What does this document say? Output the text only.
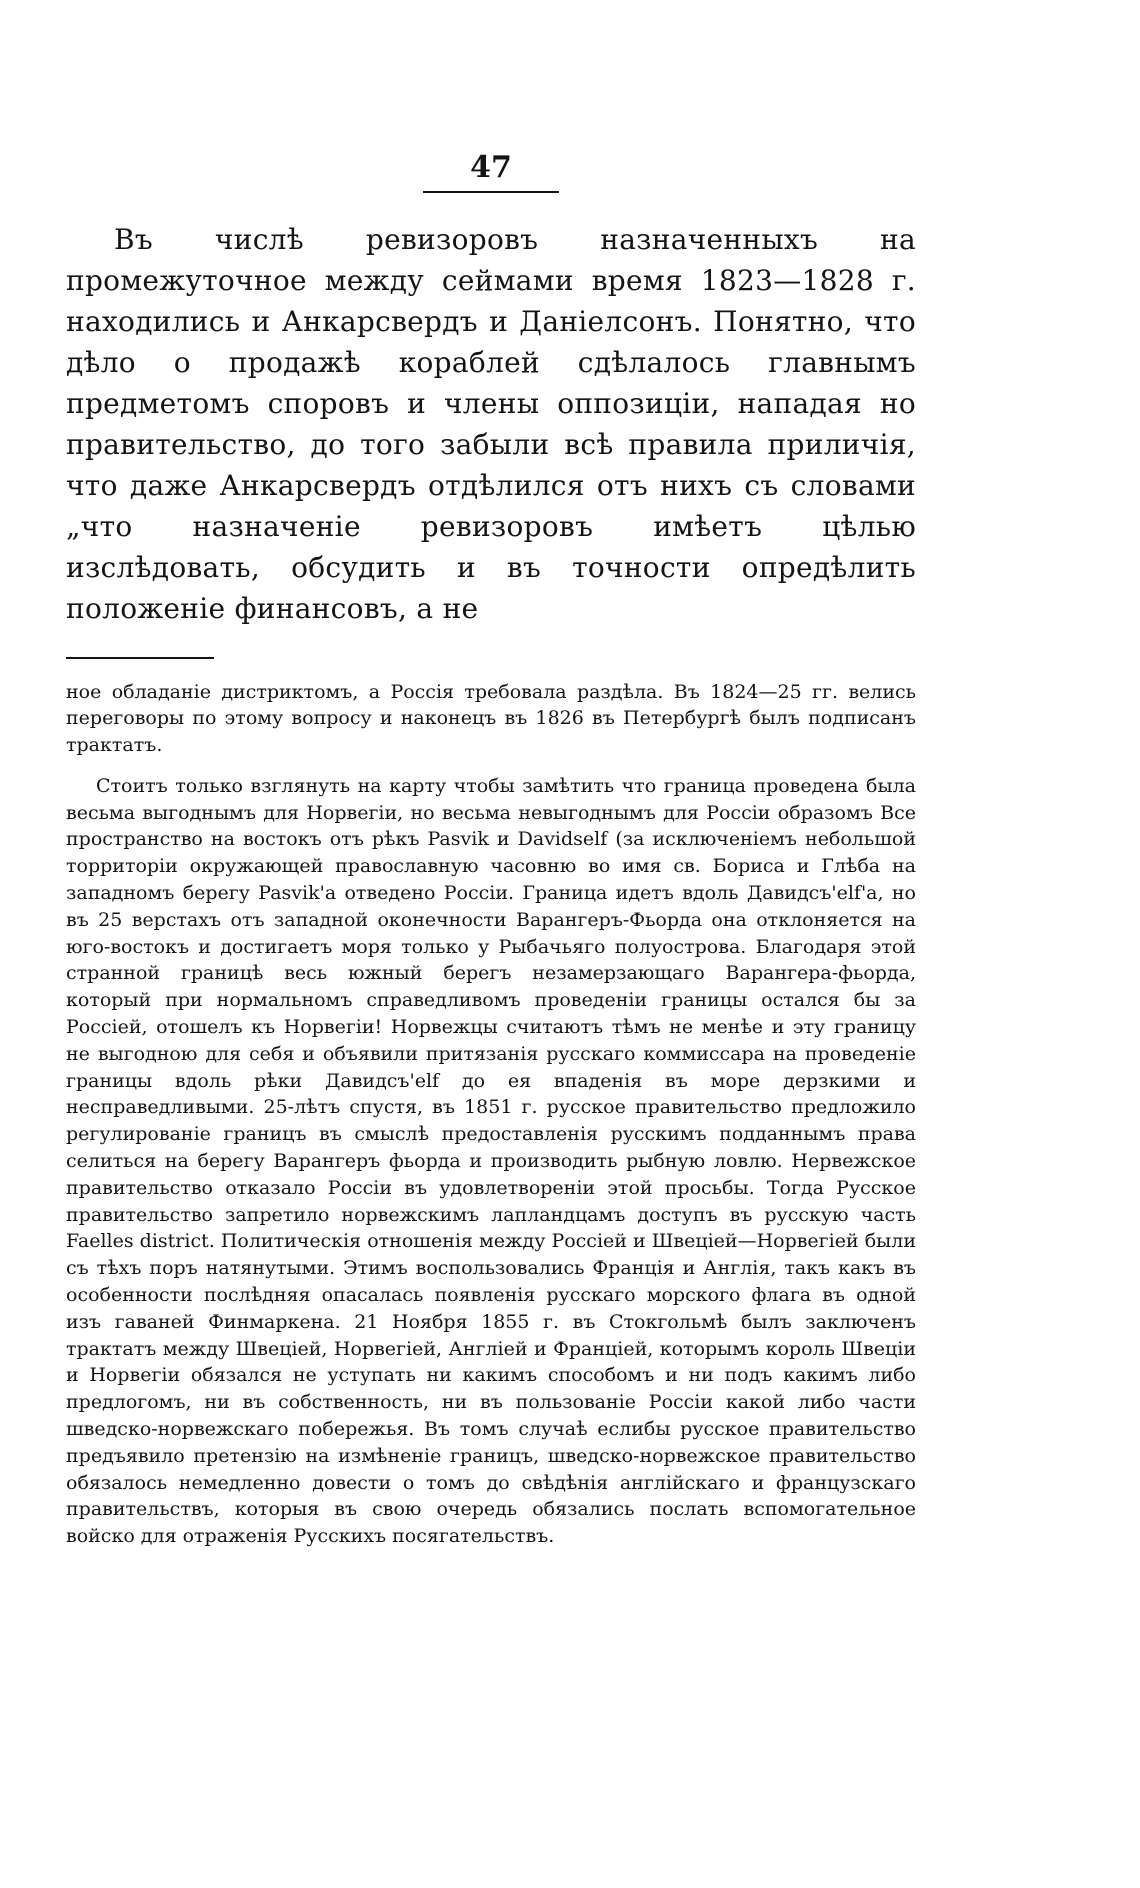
47

Въ числѣ ревизоровъ назначенныхъ на промежуточное между сеймами время 1823—1828 г. находились и Анкарсвердъ и Даніелсонъ. Понятно, что дѣло о продажѣ кораблей сдѣлалось главнымъ предметомъ споровъ и члены оппозиціи, нападая но правительство, до того забыли всѣ правила приличія, что даже Анкарсвердъ отдѣлился отъ нихъ съ словами „что назначеніе ревизоровъ имѣетъ цѣлью изслѣдовать, обсудить и въ точности опредѣлить положеніе финансовъ, а не

ное обладаніе дистриктомъ, а Россія требовала раздѣла. Въ 1824—25 гг. велись переговоры по этому вопросу и наконецъ въ 1826 въ Петербургѣ былъ подписанъ трактатъ.

Стоитъ только взглянуть на карту чтобы замѣтить что граница проведена была весьма выгоднымъ для Норвегіи, но весьма невыгоднымъ для Россіи образомъ Все пространство на востокъ отъ рѣкъ Pasvik и Davidself (за исключеніемъ небольшой торритоpiи окружающей православную часовню во имя св. Бориса и Глѣба на западномъ берегу Pasvik'a отведено Россіи. Граница идетъ вдоль Давидсъ'elf'a, но въ 25 верстахъ отъ западной оконечности Варангеръ-Фьорда она отклоняется на юго-востокъ и достигаетъ моря только у Рыбачьяго полуострова. Благодаря этой странной границѣ весь южный берегъ незамерзающаго Варангера-фьорда, который при нормальномъ справедливомъ проведеніи границы остался бы за Россіей, отошелъ къ Норвегіи! Норвежцы считаютъ тѣмъ не менѣе и эту границу не выгодною для себя и объявили притязанія русскаго коммиссара на проведеніе границы вдоль рѣки Давидсъ'elf до ея впаденія въ море дерзкими и несправедливыми. 25-лѣтъ спустя, въ 1851 г. русское правительство предложило регулированіе границъ въ смыслѣ предоставленія русскимъ подданнымъ права селиться на берегу Варангеръ фьорда и производить рыбную ловлю. Нервежское правительство отказало Россіи въ удовлетвореніи этой просьбы. Тогда Русское правительство запретило норвежскимъ лапландцамъ доступъ въ русскую часть Faelles district. Политическія отношенія между Россіей и Швеціей—Норвегіей были съ тѣхъ поръ натянутыми. Этимъ воспользовались Франція и Англія, такъ какъ въ особенности послѣдняя опасалась появленія русскаго морского флага въ одной изъ гаваней Финмаркена. 21 Ноября 1855 г. въ Стокгольмѣ былъ заключенъ трактатъ между Швеціей, Норвегіей, Англіей и Франціей, которымъ король Швеціи и Норвегіи обязался не уступать ни какимъ способомъ и ни подъ какимъ либо предлогомъ, ни въ собственность, ни въ пользованіе Россіи какой либо части шведско-норвежскаго побережья. Въ томъ случаѣ еслибы русское правительство предъявило претензію на измѣненіе границъ, шведско-норвежское правительство обязалось немедленно довести о томъ до свѣдѣнія англійскаго и французскаго правительствъ, которыя въ свою очередь обязались послать вспомогательное войско для отраженія Русскихъ посягательствъ.
